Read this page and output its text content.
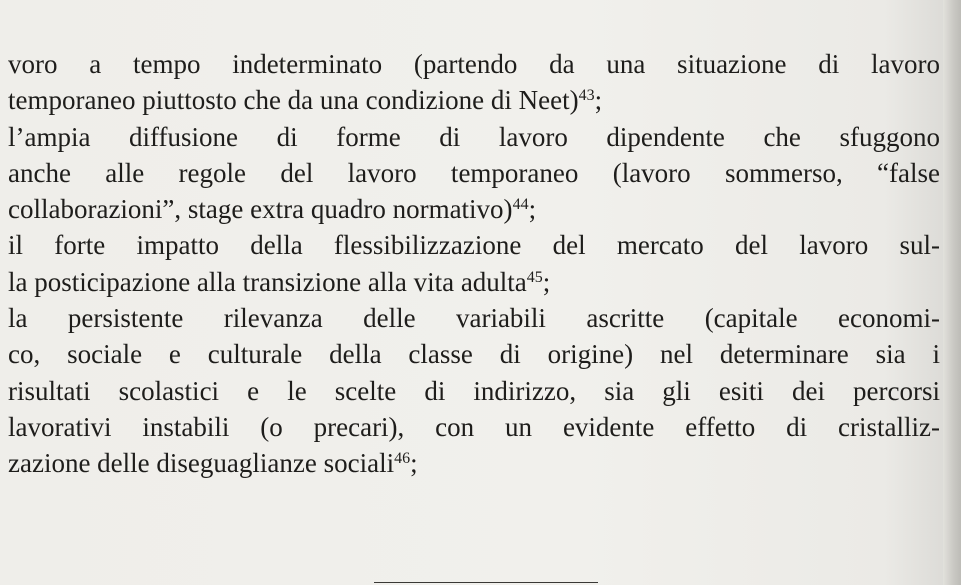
voro a tempo indeterminato (partendo da una situazione di lavoro
temporaneo piuttosto che da una condizione di Neet)$^{43}$;
l’ampia diffusione di forme di lavoro dipendente che sfuggono
anche alle regole del lavoro temporaneo (lavoro sommerso, “false
collaborazioni”, stage extra quadro normativo)$^{44}$;
il forte impatto della flessibilizzazione del mercato del lavoro sul-
la posticipazione alla transizione alla vita adulta$^{45}$;
la persistente rilevanza delle variabili ascritte (capitale economi-
co, sociale e culturale della classe di origine) nel determinare sia i
risultati scolastici e le scelte di indirizzo, sia gli esiti dei percorsi
lavorativi instabili (o precari), con un evidente effetto di cristalliz-
zazione delle diseguaglianze sociali$^{46}$;
